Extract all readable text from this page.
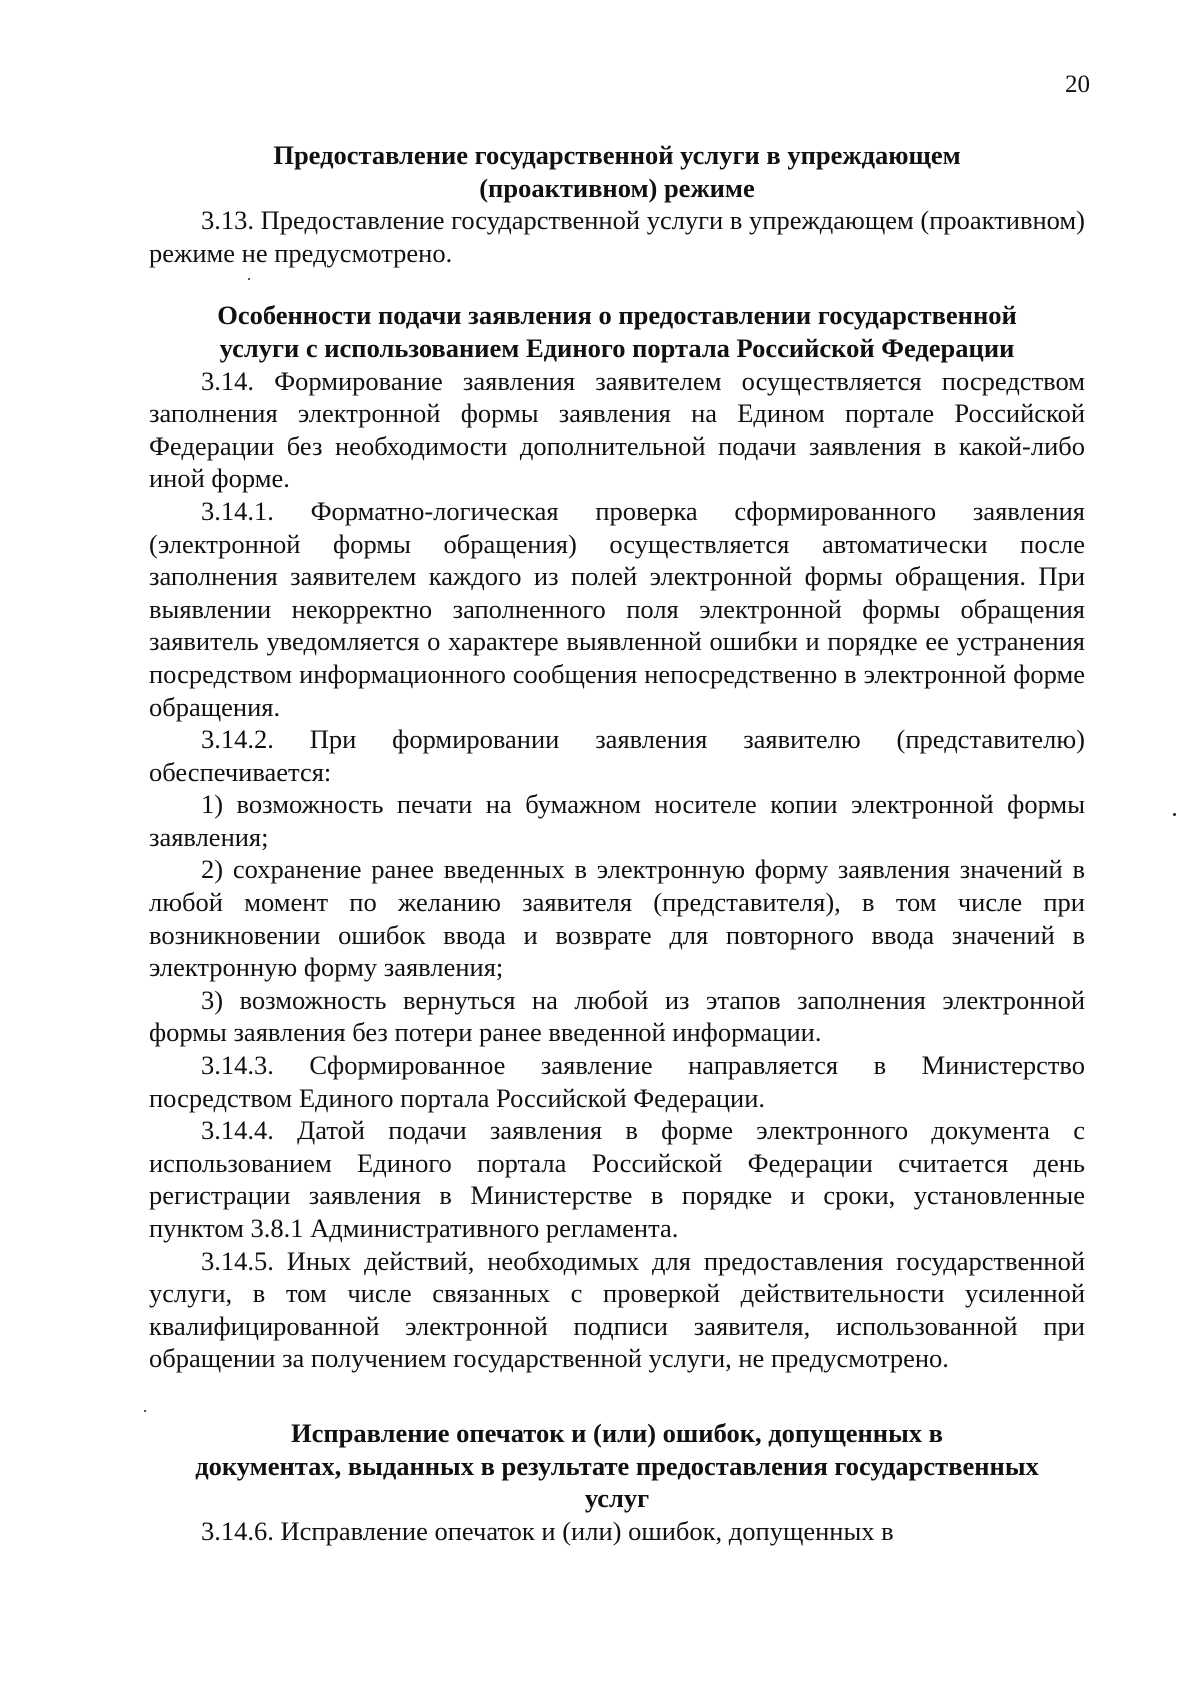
20
Предоставление государственной услуги в упреждающем
(проактивном) режиме

3.13. Предоставление государственной услуги в упреждающем (проактивном) режиме не предусмотрено.

Особенности подачи заявления о предоставлении государственной
услуги с использованием Единого портала Российской Федерации

3.14. Формирование заявления заявителем осуществляется посредством заполнения электронной формы заявления на Едином портале Российской Федерации без необходимости дополнительной подачи заявления в какой-либо иной форме.

3.14.1. Форматно-логическая проверка сформированного заявления (электронной формы обращения) осуществляется автоматически после заполнения заявителем каждого из полей электронной формы обращения. При выявлении некорректно заполненного поля электронной формы обращения заявитель уведомляется о характере выявленной ошибки и порядке ее устранения посредством информационного сообщения непосредственно в электронной форме обращения.

3.14.2. При формировании заявления заявителю (представителю) обеспечивается:

1) возможность печати на бумажном носителе копии электронной формы заявления;

2) сохранение ранее введенных в электронную форму заявления значений в любой момент по желанию заявителя (представителя), в том числе при возникновении ошибок ввода и возврате для повторного ввода значений в электронную форму заявления;

3) возможность вернуться на любой из этапов заполнения электронной формы заявления без потери ранее введенной информации.

3.14.3. Сформированное заявление направляется в Министерство посредством Единого портала Российской Федерации.

3.14.4. Датой подачи заявления в форме электронного документа с использованием Единого портала Российской Федерации считается день регистрации заявления в Министерстве в порядке и сроки, установленные пунктом 3.8.1 Административного регламента.

3.14.5. Иных действий, необходимых для предоставления государственной услуги, в том числе связанных с проверкой действительности усиленной квалифицированной электронной подписи заявителя, использованной при обращении за получением государственной услуги, не предусмотрено.

Исправление опечаток и (или) ошибок, допущенных в
документах, выданных в результате предоставления государственных
услуг

3.14.6. Исправление опечаток и (или) ошибок, допущенных в
